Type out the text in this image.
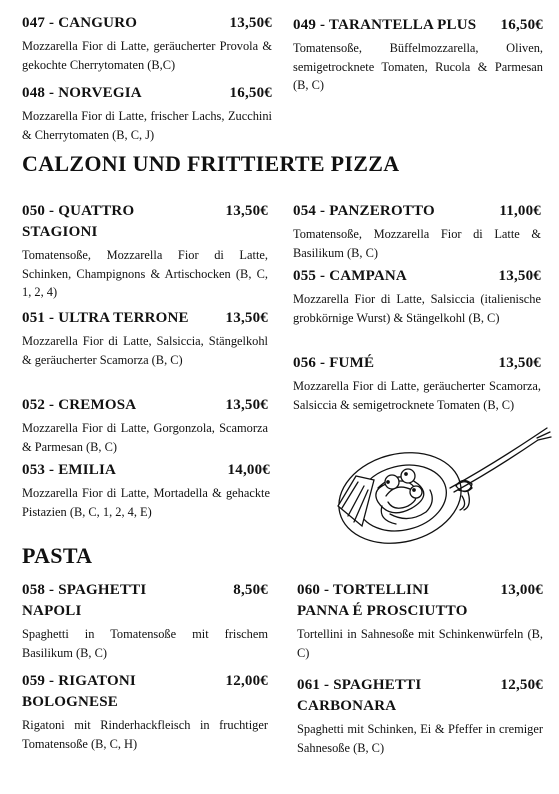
047 - CANGURO	13,50€
Mozzarella Fior di Latte, geräucherter Provola & gekochte Cherrytomaten (B,C)
048 - NORVEGIA	16,50€
Mozzarella Fior di Latte, frischer Lachs, Zucchini & Cherrytomaten (B, C, J)
049 - TARANTELLA PLUS	16,50€
Tomatensoße, Büffelmozzarella, Oliven, semigetrocknete Tomaten, Rucola & Parmesan (B, C)
CALZONI UND FRITTIERTE PIZZA
050 - QUATTRO STAGIONI
13,50€
Tomatensoße, Mozzarella Fior di Latte, Schinken, Champignons & Artischocken (B, C, 1, 2, 4)
051 - ULTRA TERRONE	13,50€
Mozzarella Fior di Latte, Salsiccia, Stängelkohl & geräucherter Scamorza (B, C)
052 - CREMOSA	13,50€
Mozzarella Fior di Latte, Gorgonzola, Scamorza & Parmesan (B, C)
053 - EMILIA	14,00€
Mozzarella Fior di Latte, Mortadella & gehackte Pistazien (B, C, 1, 2, 4, E)
054 - PANZEROTTO	11,00€
Tomatensoße, Mozzarella Fior di Latte & Basilikum (B, C)
055 - CAMPANA	13,50€
Mozzarella Fior di Latte, Salsiccia (italienische grobkörnige Wurst) & Stängelkohl (B, C)
056 - FUMÉ	13,50€
Mozzarella Fior di Latte, geräucherter Scamorza, Salsiccia & semigetrocknete Tomaten (B, C)
PASTA
058 - SPAGHETTI NAPOLI
8,50€
Spaghetti in Tomatensoße mit frischem Basilikum (B, C)
059 - RIGATONI BOLOGNESE
12,00€
Rigatoni mit Rinderhackfleisch in fruchtiger Tomatensoße (B, C, H)
060 - TORTELLINI PANNA É PROSCIUTTO
13,00€
Tortellini in Sahnesoße mit Schinkenwürfeln (B, C)
061 - SPAGHETTI CARBONARA
12,50€
Spaghetti mit Schinken, Ei & Pfeffer in cremiger Sahnesoße (B, C)
